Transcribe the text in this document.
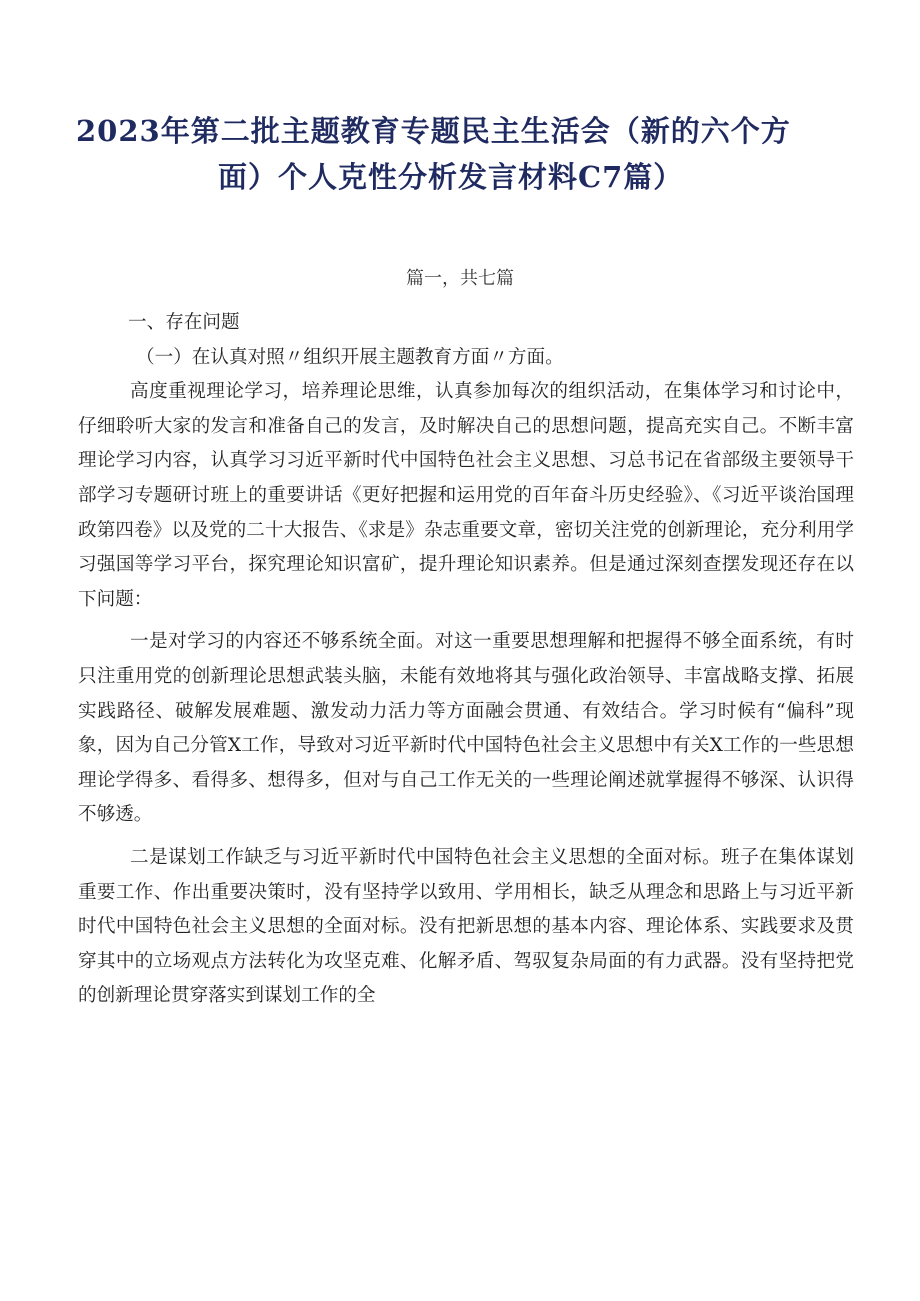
2023年第二批主题教育专题民主生活会（新的六个方
面）个人克性分析发言材料C7篇）
篇一，共七篇

一、存在问题

（一）在认真对照〃组织开展主题教育方面〃方面。

高度重视理论学习，培养理论思维，认真参加每次的组织活动，在集体学习和讨论中，仔细聆听大家的发言和准备自己的发言，及时解决自己的思想问题，提高充实自己。不断丰富理论学习内容，认真学习习近平新时代中国特色社会主义思想、习总书记在省部级主要领导干部学习专题研讨班上的重要讲话《更好把握和运用党的百年奋斗历史经验》、《习近平谈治国理政第四卷》以及党的二十大报告、《求是》杂志重要文章，密切关注党的创新理论，充分利用学习强国等学习平台，探究理论知识富矿，提升理论知识素养。但是通过深刻查摆发现还存在以下问题：

一是对学习的内容还不够系统全面。对这一重要思想理解和把握得不够全面系统，有时只注重用党的创新理论思想武装头脑，未能有效地将其与强化政治领导、丰富战略支撑、拓展实践路径、破解发展难题、激发动力活力等方面融会贯通、有效结合。学习时候有“偏科”现象，因为自己分管X工作，导致对习近平新时代中国特色社会主义思想中有关X工作的一些思想理论学得多、看得多、想得多，但对与自己工作无关的一些理论阐述就掌握得不够深、认识得不够透。

二是谋划工作缺乏与习近平新时代中国特色社会主义思想的全面对标。班子在集体谋划重要工作、作出重要决策时，没有坚持学以致用、学用相长，缺乏从理念和思路上与习近平新时代中国特色社会主义思想的全面对标。没有把新思想的基本内容、理论体系、实践要求及贯穿其中的立场观点方法转化为攻坚克难、化解矛盾、驾驭复杂局面的有力武器。没有坚持把党的创新理论贯穿落实到谋划工作的全
